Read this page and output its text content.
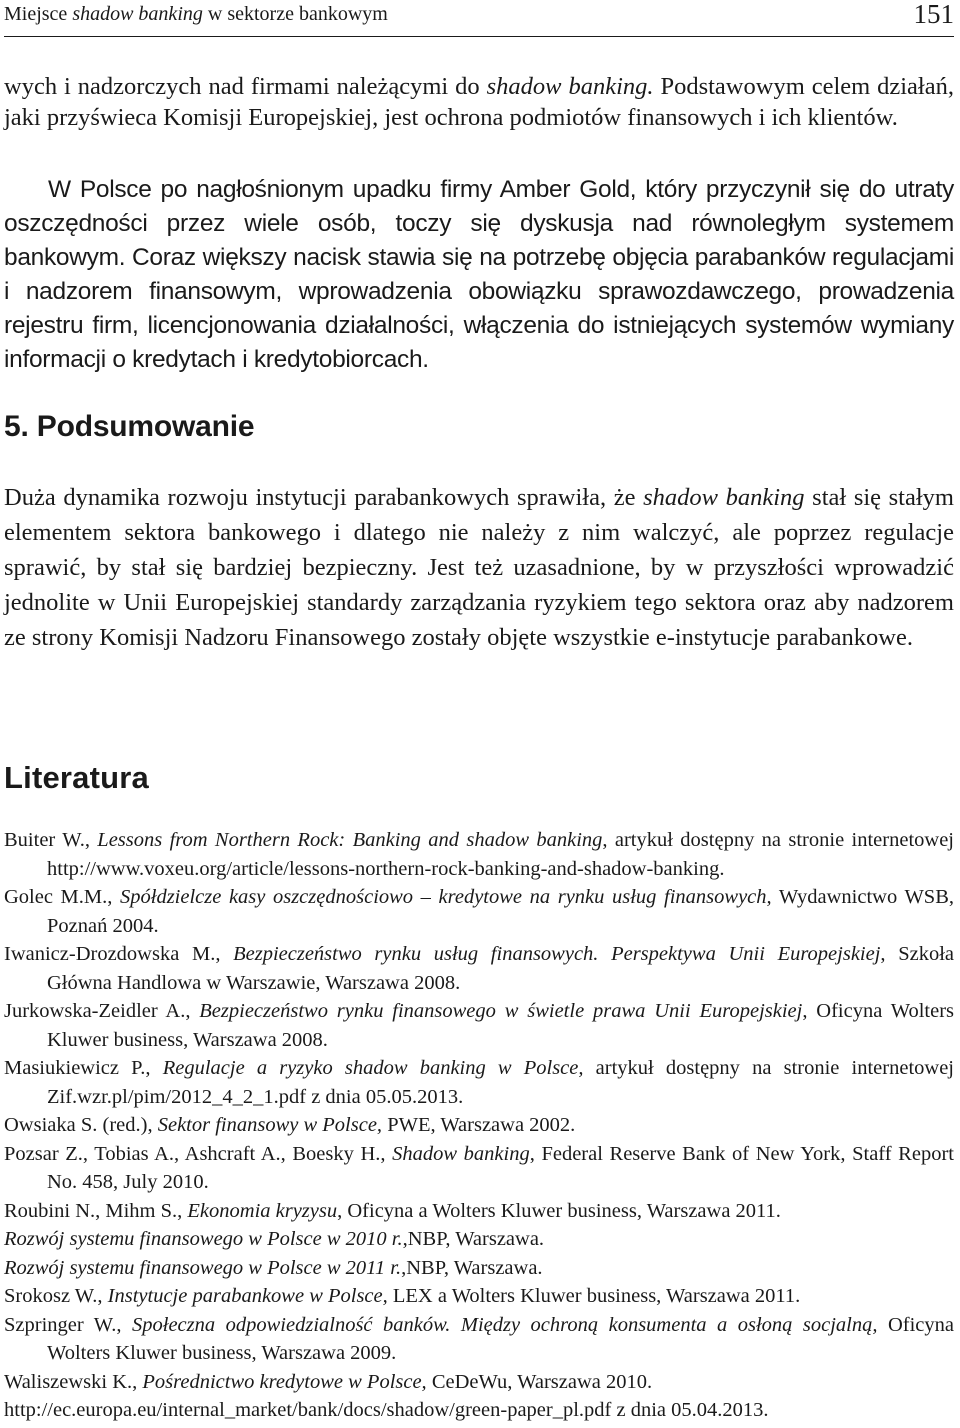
Miejsce shadow banking w sektorze bankowym	151

wych i nadzorczych nad firmami należącymi do shadow banking. Podstawowym celem działań, jaki przyświeca Komisji Europejskiej, jest ochrona podmiotów finansowych i ich klientów.

W Polsce po nagłośnionym upadku firmy Amber Gold, który przyczynił się do utraty oszczędności przez wiele osób, toczy się dyskusja nad równoległym systemem bankowym. Coraz większy nacisk stawia się na potrzebę objęcia parabanków regulacjami i nadzorem finansowym, wprowadzenia obowiązku sprawozdawczego, prowadzenia rejestru firm, licencjonowania działalności, włączenia do istniejących systemów wymiany informacji o kredytach i kredytobiorcach.

5. Podsumowanie

Duża dynamika rozwoju instytucji parabankowych sprawiła, że shadow banking stał się stałym elementem sektora bankowego i dlatego nie należy z nim walczyć, ale poprzez regulacje sprawić, by stał się bardziej bezpieczny. Jest też uzasadnione, by w przyszłości wprowadzić jednolite w Unii Europejskiej standardy zarządzania ryzykiem tego sektora oraz aby nadzorem ze strony Komisji Nadzoru Finansowego zostały objęte wszystkie e-instytucje parabankowe.

Literatura
Buiter W., Lessons from Northern Rock: Banking and shadow banking, artykuł dostępny na stronie internetowej http://www.voxeu.org/article/lessons-northern-rock-banking-and-shadow-banking.
Golec M.M., Spółdzielcze kasy oszczędnościowo – kredytowe na rynku usług finansowych, Wydawnictwo WSB, Poznań 2004.
Iwanicz-Drozdowska M., Bezpieczeństwo rynku usług finansowych. Perspektywa Unii Europejskiej, Szkoła Główna Handlowa w Warszawie, Warszawa 2008.
Jurkowska-Zeidler A., Bezpieczeństwo rynku finansowego w świetle prawa Unii Europejskiej, Oficyna Wolters Kluwer business, Warszawa 2008.
Masiukiewicz P., Regulacje a ryzyko shadow banking w Polsce, artykuł dostępny na stronie internetowej Zif.wzr.pl/pim/2012_4_2_1.pdf z dnia 05.05.2013.
Owsiaka S. (red.), Sektor finansowy w Polsce, PWE, Warszawa 2002.
Pozsar Z., Tobias A., Ashcraft A., Boesky H., Shadow banking, Federal Reserve Bank of New York, Staff Report No. 458, July 2010.
Roubini N., Mihm S., Ekonomia kryzysu, Oficyna a Wolters Kluwer business, Warszawa 2011.
Rozwój systemu finansowego w Polsce w 2010 r.,NBP, Warszawa.
Rozwój systemu finansowego w Polsce w 2011 r.,NBP, Warszawa.
Srokosz W., Instytucje parabankowe w Polsce, LEX a Wolters Kluwer business, Warszawa 2011.
Szpringer W., Społeczna odpowiedzialność banków. Między ochroną konsumenta a osłoną socjalną, Oficyna Wolters Kluwer business, Warszawa 2009.
Waliszewski K., Pośrednictwo kredytowe w Polsce, CeDeWu, Warszawa 2010.
http://ec.europa.eu/internal_market/bank/docs/shadow/green-paper_pl.pdf z dnia 05.04.2013.
